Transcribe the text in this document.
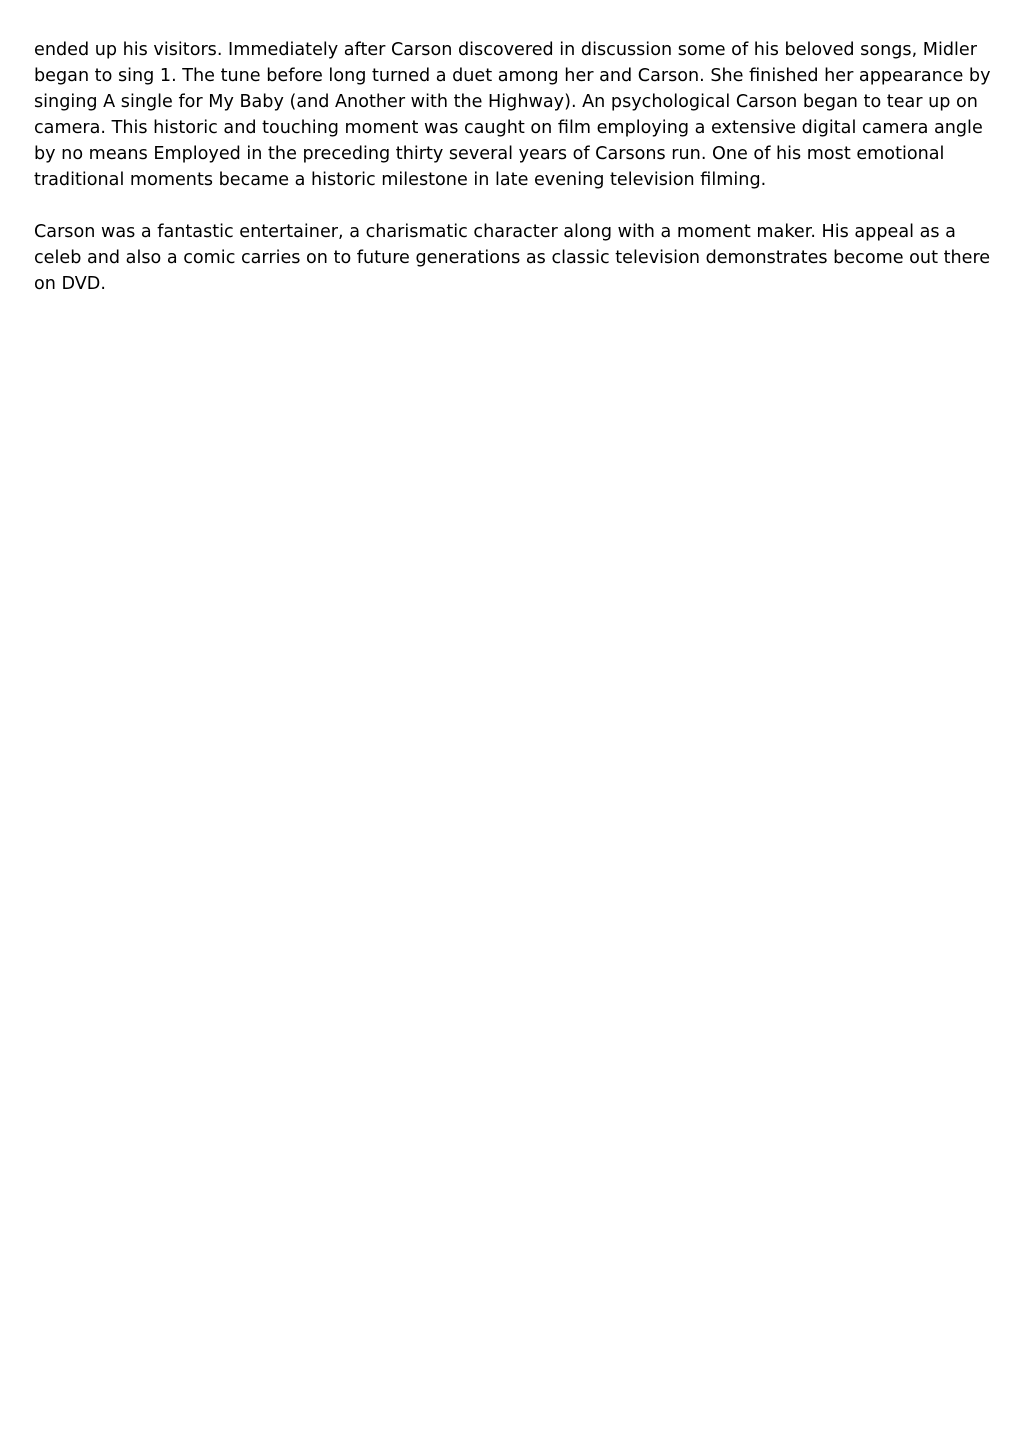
ended up his visitors. Immediately after Carson discovered in discussion some of his beloved songs, Midler began to sing 1. The tune before long turned a duet among her and Carson. She finished her appearance by singing A single for My Baby (and Another with the Highway). An psychological Carson began to tear up on camera. This historic and touching moment was caught on film employing a extensive digital camera angle by no means Employed in the preceding thirty several years of Carsons run. One of his most emotional traditional moments became a historic milestone in late evening television filming.

Carson was a fantastic entertainer, a charismatic character along with a moment maker. His appeal as a celeb and also a comic carries on to future generations as classic television demonstrates become out there on DVD.
